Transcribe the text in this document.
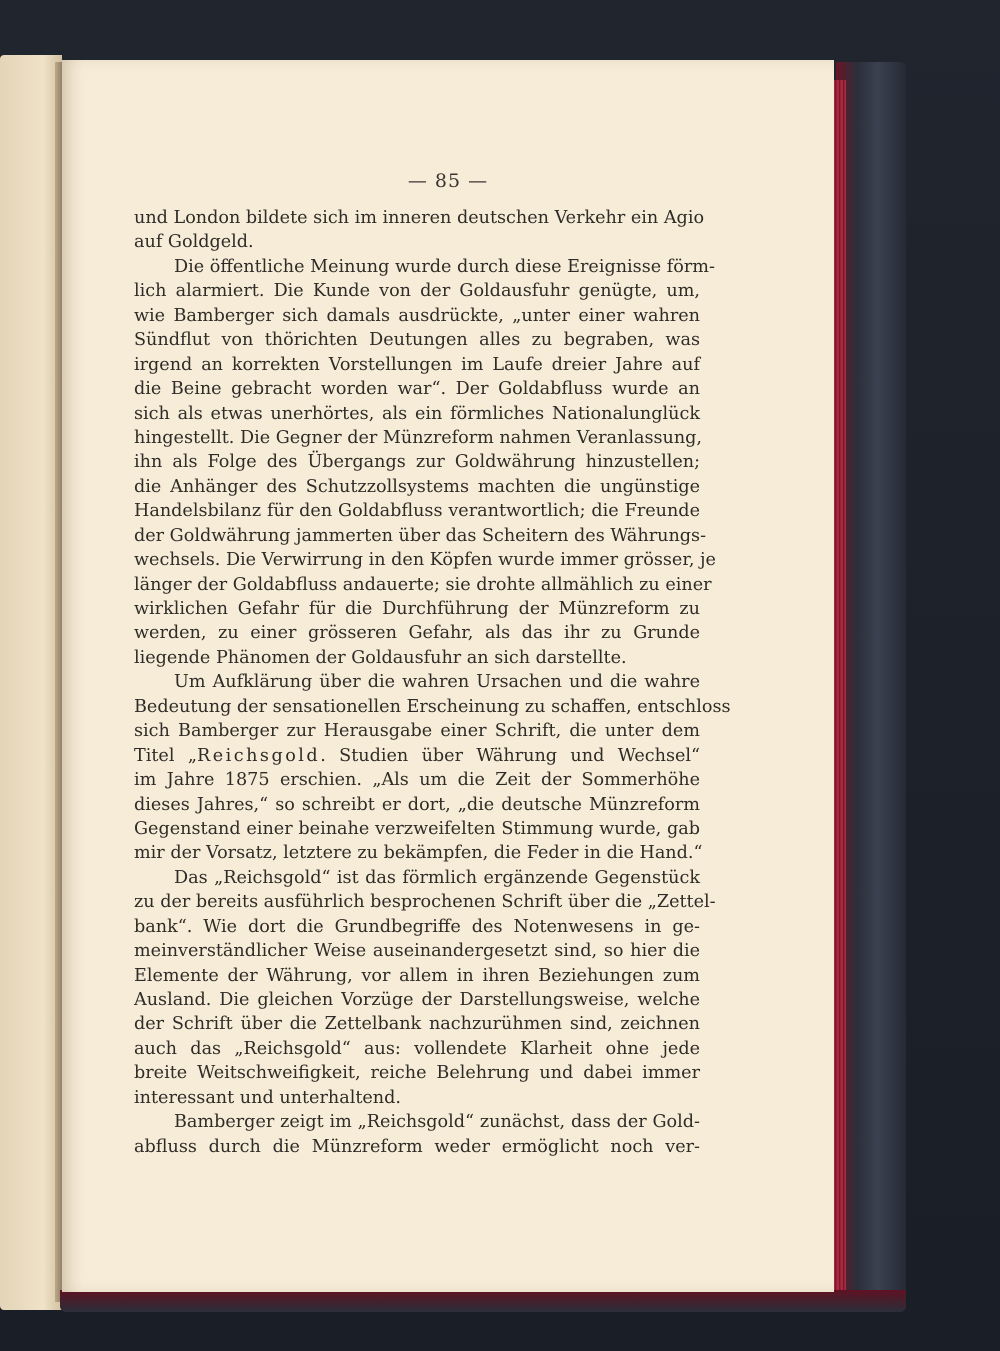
— 85 —
und London bildete sich im inneren deutschen Verkehr ein Agio
auf Goldgeld.
Die öffentliche Meinung wurde durch diese Ereignisse förm-
lich alarmiert. Die Kunde von der Goldausfuhr genügte, um,
wie Bamberger sich damals ausdrückte, „unter einer wahren
Sündflut von thörichten Deutungen alles zu begraben, was
irgend an korrekten Vorstellungen im Laufe dreier Jahre auf
die Beine gebracht worden war“. Der Goldabfluss wurde an
sich als etwas unerhörtes, als ein förmliches Nationalunglück
hingestellt. Die Gegner der Münzreform nahmen Veranlassung,
ihn als Folge des Übergangs zur Goldwährung hinzustellen;
die Anhänger des Schutzzollsystems machten die ungünstige
Handelsbilanz für den Goldabfluss verantwortlich; die Freunde
der Goldwährung jammerten über das Scheitern des Währungs-
wechsels. Die Verwirrung in den Köpfen wurde immer grösser, je
länger der Goldabfluss andauerte; sie drohte allmählich zu einer
wirklichen Gefahr für die Durchführung der Münzreform zu
werden, zu einer grösseren Gefahr, als das ihr zu Grunde
liegende Phänomen der Goldausfuhr an sich darstellte.
Um Aufklärung über die wahren Ursachen und die wahre
Bedeutung der sensationellen Erscheinung zu schaffen, entschloss
sich Bamberger zur Herausgabe einer Schrift, die unter dem
Titel „Reichsgold. Studien über Währung und Wechsel“
im Jahre 1875 erschien. „Als um die Zeit der Sommerhöhe
dieses Jahres,“ so schreibt er dort, „die deutsche Münzreform
Gegenstand einer beinahe verzweifelten Stimmung wurde, gab
mir der Vorsatz, letztere zu bekämpfen, die Feder in die Hand.“
Das „Reichsgold“ ist das förmlich ergänzende Gegenstück
zu der bereits ausführlich besprochenen Schrift über die „Zettel-
bank“. Wie dort die Grundbegriffe des Notenwesens in ge-
meinverständlicher Weise auseinandergesetzt sind, so hier die
Elemente der Währung, vor allem in ihren Beziehungen zum
Ausland. Die gleichen Vorzüge der Darstellungsweise, welche
der Schrift über die Zettelbank nachzurühmen sind, zeichnen
auch das „Reichsgold“ aus: vollendete Klarheit ohne jede
breite Weitschweifigkeit, reiche Belehrung und dabei immer
interessant und unterhaltend.
Bamberger zeigt im „Reichsgold“ zunächst, dass der Gold-
abfluss durch die Münzreform weder ermöglicht noch ver-
